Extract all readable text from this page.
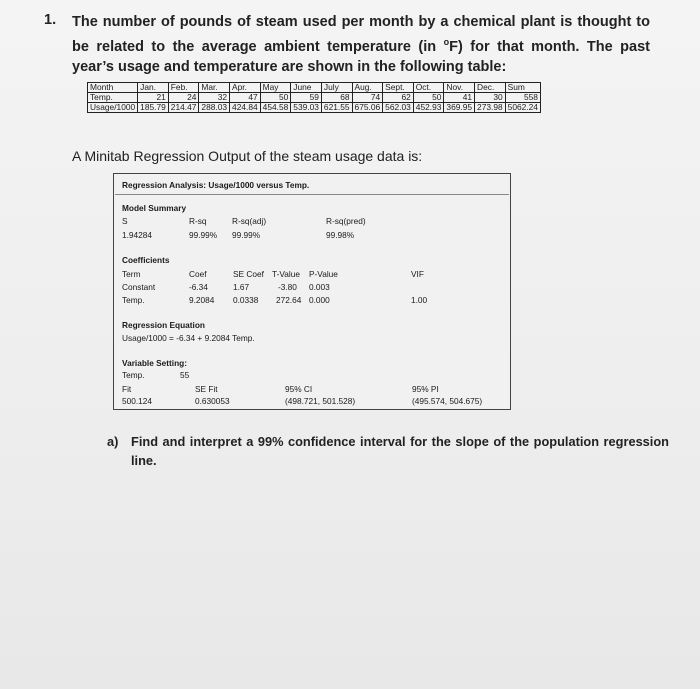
1. The number of pounds of steam used per month by a chemical plant is thought to be related to the average ambient temperature (in $^o$F) for that month. The past year’s usage and temperature are shown in the following table:
Month	Jan.	Feb.	Mar.	Apr.	May	June	July	Aug.	Sept.	Oct.	Nov.	Dec.	Sum
Temp.	21	24	32	47	50	59	68	74	62	50	41	30	558
Usage/1000	185.79	214.47	288.03	424.84	454.58	539.03	621.55	675.06	562.03	452.93	369.95	273.98	5062.24
A Minitab Regression Output of the steam usage data is:
Regression Analysis: Usage/1000 versus Temp.
Model Summary
S	R-sq	R-sq(adj)	R-sq(pred)
1.94284	99.99% 99.99%	99.98%
Coefficients
Term	Coef	SE Coef T-Value P-Value	VIF
Constant	-6.34	1.67	-3.80 0.003
Temp.	9.2084 0.0338 272.64 0.000	1.00
Regression Equation
Usage/1000 = -6.34 + 9.2084 Temp.
Variable Setting:
Temp.	55
Fit	SE Fit	95% CI	95% PI
500.124	0.630053	(498.721, 501.528)	(495.574, 504.675)
a) Find and interpret a 99% confidence interval for the slope of the population regression line.
